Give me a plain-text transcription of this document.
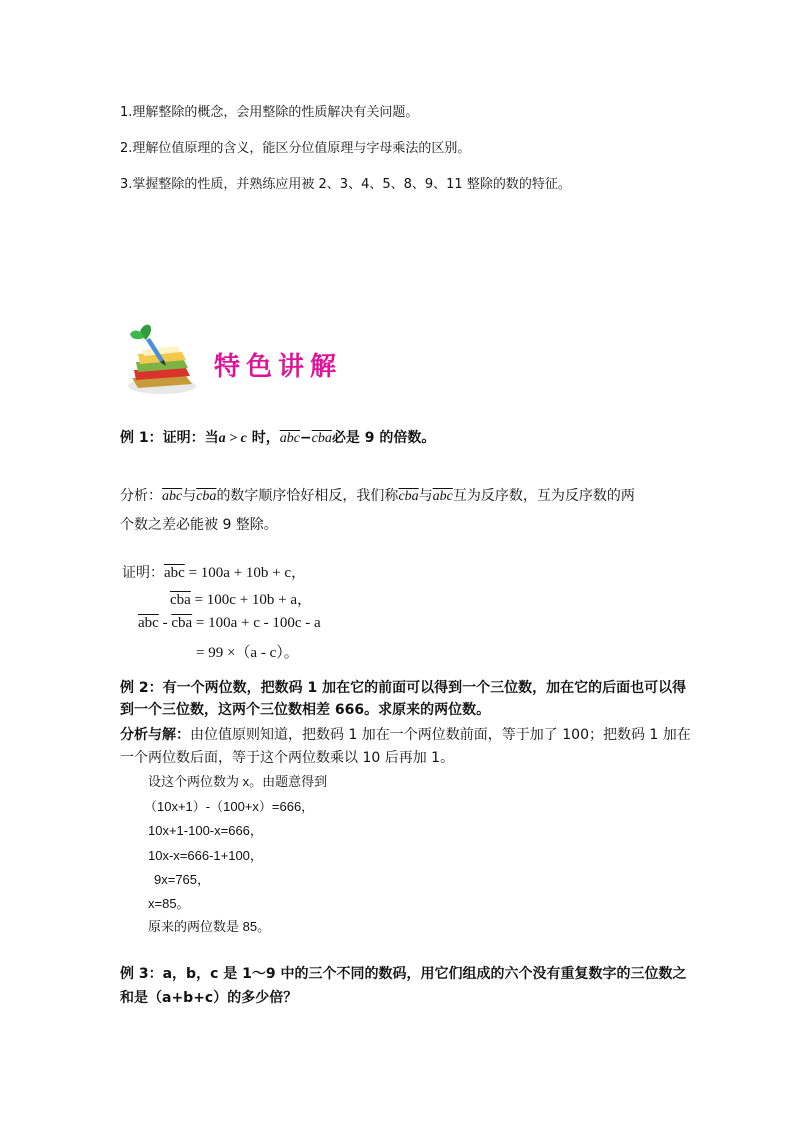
1.理解整除的概念，会用整除的性质解决有关问题。
2.理解位值原理的含义，能区分位值原理与字母乘法的区别。
3.掌握整除的性质，并熟练应用被 2、3、4、5、8、9、11 整除的数的特征。
特色讲解
例 1：证明：当a > c 时，$\overline{abc}-\overline{cba}$必是 9 的倍数。
分析：$\overline{abc}$与$\overline{cba}$的数字顺序恰好相反，我们称$\overline{cba}$与$\overline{abc}$互为反序数，互为反序数的两
个数之差必能被 9 整除。
证明：$\overline{abc} = 100a + 10b + c$，
$\overline{cba} = 100c + 10b + a$，
$\overline{abc} - \overline{cba} = 100a + c - 100c - a$
= 99 ×（a - c）。
例 2：有一个两位数，把数码 1 加在它的前面可以得到一个三位数，加在它的后面也可以得
到一个三位数，这两个三位数相差 666。求原来的两位数。
分析与解：由位值原则知道，把数码 1 加在一个两位数前面，等于加了 100；把数码 1 加在
一个两位数后面，等于这个两位数乘以 10 后再加 1。
设这个两位数为 x。由题意得到
（10x+1）-（100+x）=666，
10x+1-100-x=666，
10x-x=666-1+100，
9x=765，
x=85。
原来的两位数是 85。
例 3：a，b，c 是 1～9 中的三个不同的数码，用它们组成的六个没有重复数字的三位数之
和是（a+b+c）的多少倍？
